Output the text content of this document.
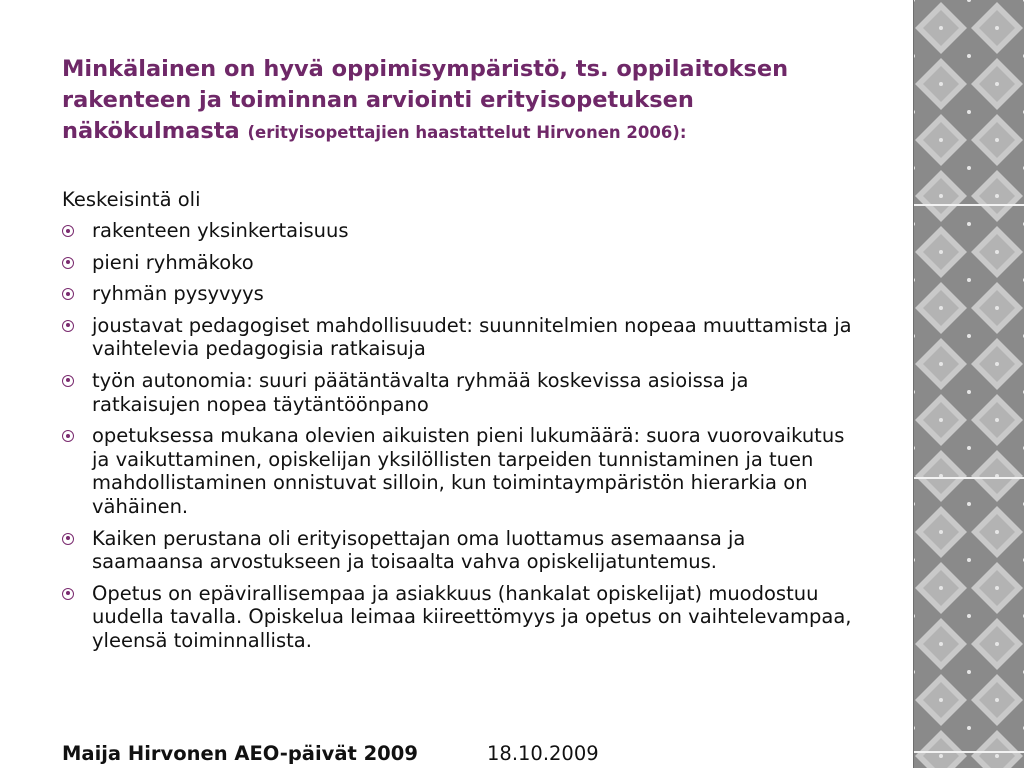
Minkälainen on hyvä oppimisympäristö, ts. oppilaitoksen rakenteen ja toiminnan arviointi erityisopetuksen näkökulmasta (erityisopettajien haastattelut Hirvonen 2006):
Keskeisintä oli
rakenteen yksinkertaisuus
pieni ryhmäkoko
ryhmän pysyvyys
joustavat pedagogiset mahdollisuudet: suunnitelmien nopeaa muuttamista ja vaihtelevia pedagogisia ratkaisuja
työn autonomia: suuri päätäntävalta ryhmää koskevissa asioissa ja ratkaisujen nopea täytäntöönpano
opetuksessa mukana olevien aikuisten pieni lukumäärä: suora vuorovaikutus ja vaikuttaminen, opiskelijan yksilöllisten tarpeiden tunnistaminen ja tuen mahdollistaminen onnistuvat silloin, kun toimintaympäristön hierarkia on vähäinen.
Kaiken perustana oli erityisopettajan oma luottamus asemaansa ja saamaansa arvostukseen ja toisaalta vahva opiskelijatuntemus.
Opetus on epävirallisempaa ja asiakkuus (hankalat opiskelijat) muodostuu uudella tavalla. Opiskelua leimaa kiireettömyys ja opetus on vaihtelevampaa, yleensä toiminnallista.
Maija Hirvonen AEO-päivät 2009	18.10.2009
